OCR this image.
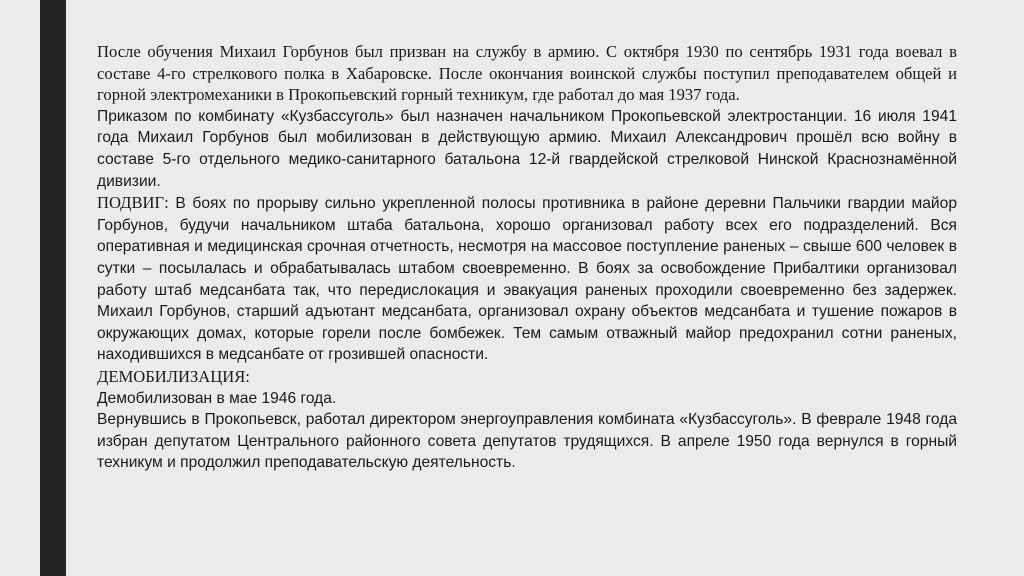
После обучения Михаил Горбунов был призван на службу в армию. С октября 1930 по сентябрь 1931 года воевал в составе 4-го стрелкового полка в Хабаровске. После окончания воинской службы поступил преподавателем общей и горной электромеханики в Прокопьевский горный техникум, где работал до мая 1937 года.

Приказом по комбинату «Кузбассуголь» был назначен начальником Прокопьевской электростанции. 16 июля 1941 года Михаил Горбунов был мобилизован в действующую армию. Михаил Александрович прошёл всю войну в составе 5-го отдельного медико-санитарного батальона 12-й гвардейской стрелковой Нинской Краснознамённой дивизии.

ПОДВИГ: В боях по прорыву сильно укрепленной полосы противника в районе деревни Пальчики гвардии майор Горбунов, будучи начальником штаба батальона, хорошо организовал работу всех его подразделений. Вся оперативная и медицинская срочная отчетность, несмотря на массовое поступление раненых – свыше 600 человек в сутки – посылалась и обрабатывалась штабом своевременно. В боях за освобождение Прибалтики организовал работу штаб медсанбата так, что передислокация и эвакуация раненых проходили своевременно без задержек. Михаил Горбунов, старший адъютант медсанбата, организовал охрану объектов медсанбата и тушение пожаров в окружающих домах, которые горели после бомбежек. Тем самым отважный майор предохранил сотни раненых, находившихся в медсанбате от грозившей опасности.

ДЕМОБИЛИЗАЦИЯ:

Демобилизован в мае 1946 года.

Вернувшись в Прокопьевск, работал директором энергоуправления комбината «Кузбассуголь». В феврале 1948 года избран депутатом Центрального районного совета депутатов трудящихся. В апреле 1950 года вернулся в горный техникум и продолжил преподавательскую деятельность.
